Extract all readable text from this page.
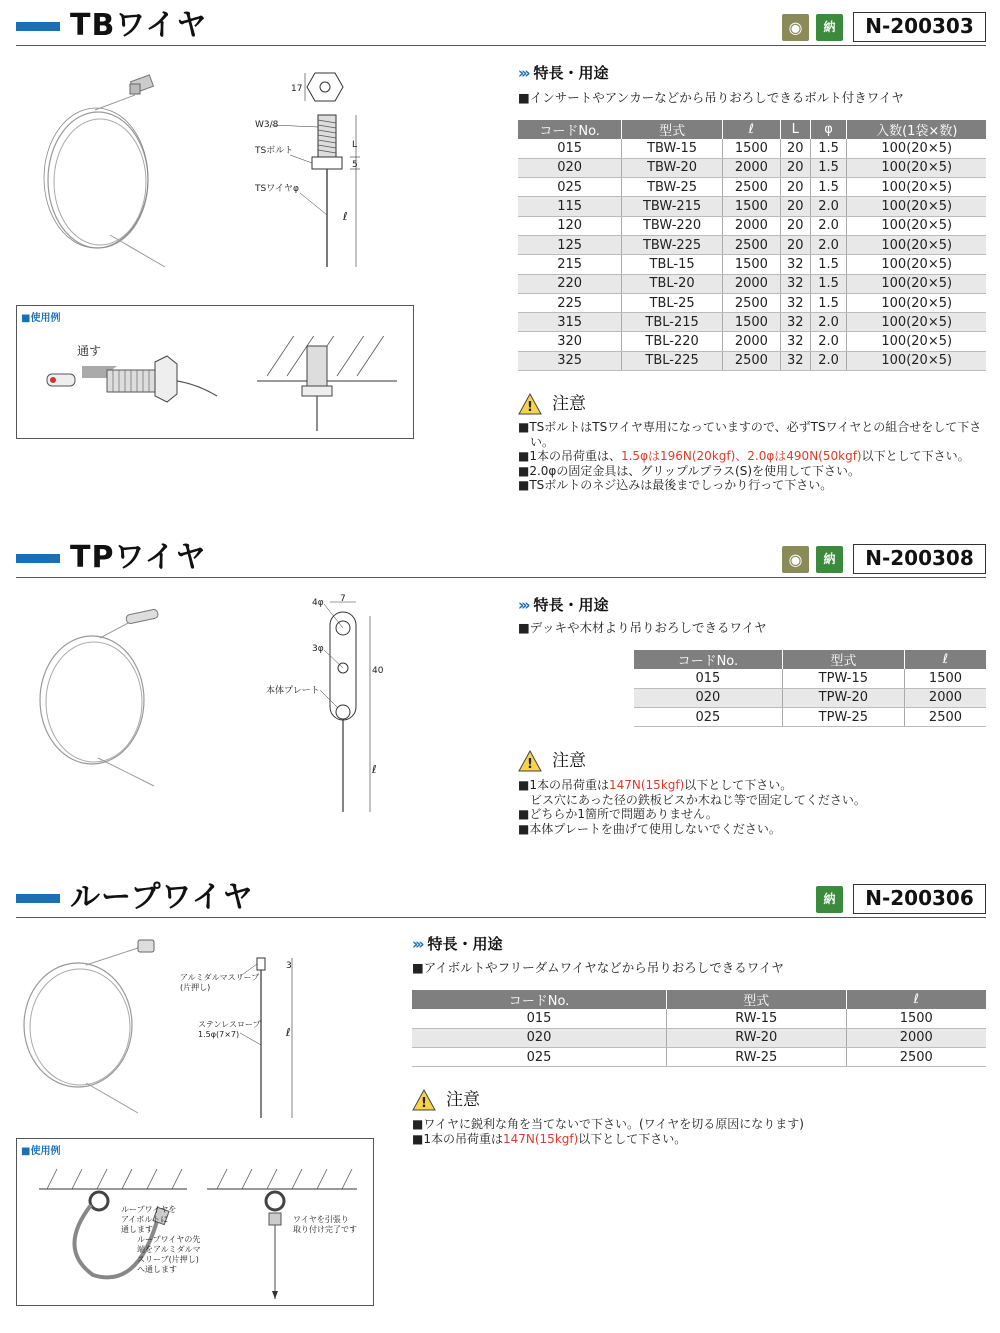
TBワイヤ	◉	納	N-200303
17
W3/8
TSボルト
TSワイヤφ
L
5
ℓ
■使用例
通す
››› 特長・用途
■インサートやアンカーなどから吊りおろしできるボルト付きワイヤ
コードNo.	型式	ℓ	L	φ	入数(1袋×数)
015	TBW-15	1500	20	1.5	100(20×5)
020	TBW-20	2000	20	1.5	100(20×5)
025	TBW-25	2500	20	1.5	100(20×5)
115	TBW-215	1500	20	2.0	100(20×5)
120	TBW-220	2000	20	2.0	100(20×5)
125	TBW-225	2500	20	2.0	100(20×5)
215	TBL-15	1500	32	1.5	100(20×5)
220	TBL-20	2000	32	1.5	100(20×5)
225	TBL-25	2500	32	1.5	100(20×5)
315	TBL-215	1500	32	2.0	100(20×5)
320	TBL-220	2000	32	2.0	100(20×5)
325	TBL-225	2500	32	2.0	100(20×5)
! 注意
■TSボルトはTSワイヤ専用になっていますので、必ずTSワイヤとの組合せをして下さ
い。
■1本の吊荷重は、1.5φは196N(20kgf)、2.0φは490N(50kgf)以下として下さい。
■2.0φの固定金具は、グリップルプラス(S)を使用して下さい。
■TSボルトのネジ込みは最後までしっかり行って下さい。
TPワイヤ	◉	納	N-200308
4φ 7
3φ
40
本体プレート
ℓ
››› 特長・用途
■デッキや木材より吊りおろしできるワイヤ
コードNo.	型式	ℓ
015	TPW-15	1500
020	TPW-20	2000
025	TPW-25	2500
! 注意
■1本の吊荷重は147N(15kgf)以下として下さい。
ビス穴にあった径の鉄板ビスか木ねじ等で固定してください。
■どちらか1箇所で問題ありません。
■本体プレートを曲げて使用しないでください。
ループワイヤ	納	N-200306
アルミダルマスリーブ
(片押し)
ステンレスロープ
1.5φ(7×7)
3
ℓ
■使用例
ループワイヤを
アイボルトに
通します
ループワイヤの先
端をアルミダルマ
スリーブ(片押し)
へ通します
ワイヤを引張り
取り付け完了です
››› 特長・用途
■アイボルトやフリーダムワイヤなどから吊りおろしできるワイヤ
コードNo.	型式	ℓ
015	RW-15	1500
020	RW-20	2000
025	RW-25	2500
! 注意
■ワイヤに鋭利な角を当てないで下さい。(ワイヤを切る原因になります)
■1本の吊荷重は147N(15kgf)以下として下さい。
